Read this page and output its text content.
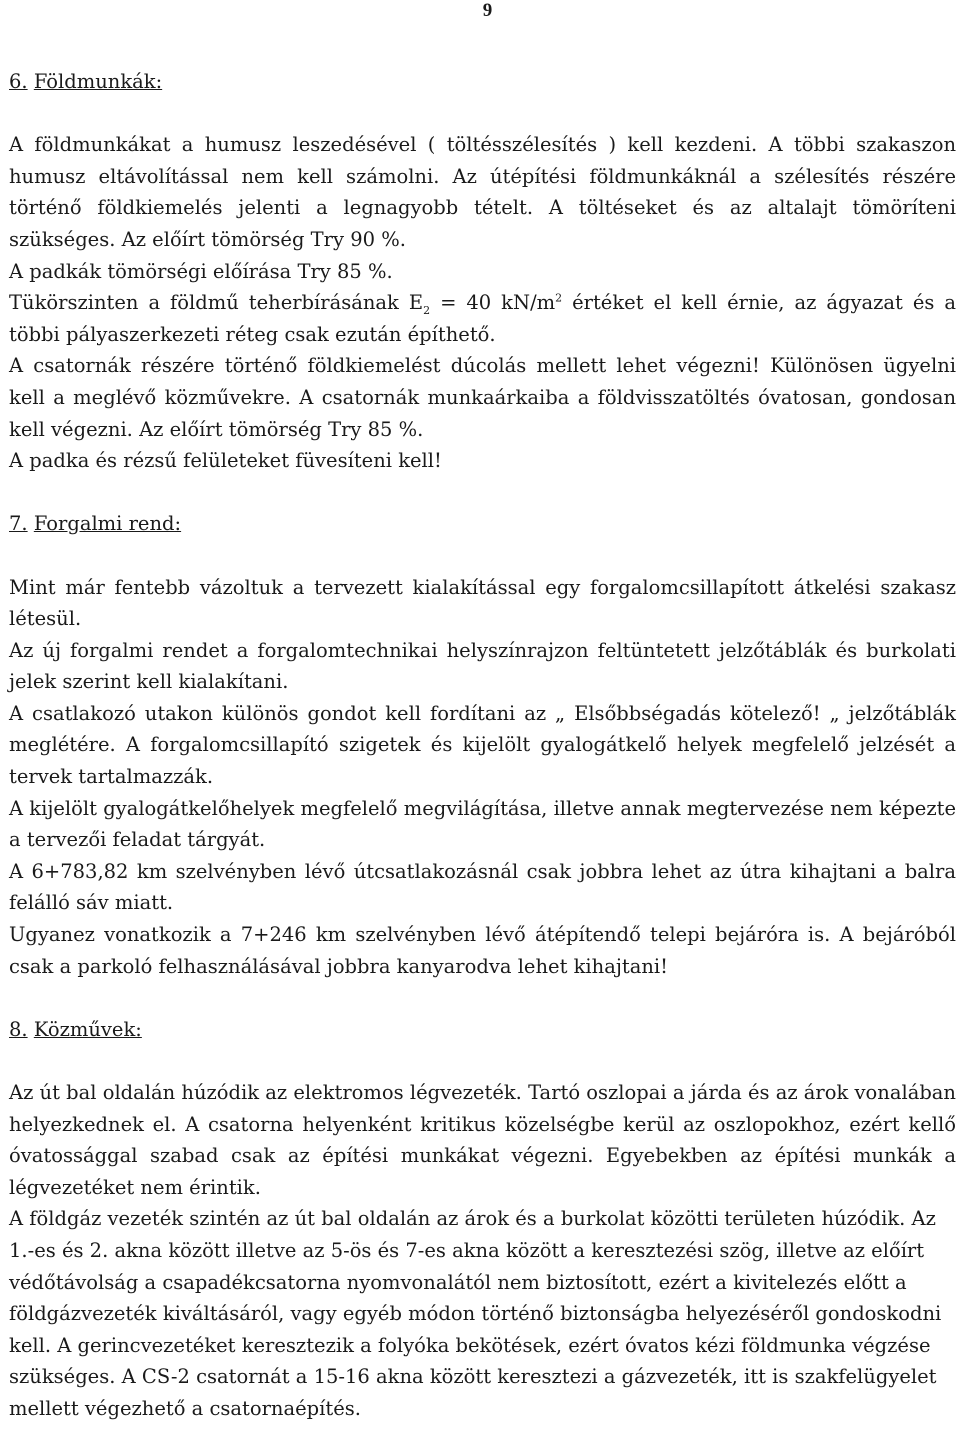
9
6. Földmunkák:

A földmunkákat a humusz leszedésével ( töltésszélesítés ) kell kezdeni. A többi szakaszon humusz eltávolítással nem kell számolni. Az útépítési földmunkáknál a szélesítés részére történő földkiemelés jelenti a legnagyobb tételt. A töltéseket és az altalajt tömöríteni szükséges. Az előírt tömörség Try 90 %.

A padkák tömörségi előírása Try 85 %.

Tükörszinten a földmű teherbírásának $E_2 = 40$ $kN/m^2$ értéket el kell érnie, az ágyazat és a többi pályaszerkezeti réteg csak ezután építhető.

A csatornák részére történő földkiemelést dúcolás mellett lehet végezni! Különösen ügyelni kell a meglévő közművekre. A csatornák munkaárkaiba a földvisszatöltés óvatosan, gondosan kell végezni. Az előírt tömörség Try 85 %.

A padka és rézsű felületeket füvesíteni kell!

7. Forgalmi rend:

Mint már fentebb vázoltuk a tervezett kialakítással egy forgalomcsillapított átkelési szakasz létesül.

Az új forgalmi rendet a forgalomtechnikai helyszínrajzon feltüntetett jelzőtáblák és burkolati jelek szerint kell kialakítani.

A csatlakozó utakon különös gondot kell fordítani az „ Elsőbbségadás kötelező! „ jelzőtáblák meglétére. A forgalomcsillapító szigetek és kijelölt gyalogátkelő helyek megfelelő jelzését a tervek tartalmazzák.

A kijelölt gyalogátkelőhelyek megfelelő megvilágítása, illetve annak megtervezése nem képezte a tervezői feladat tárgyát.

A 6+783,82 km szelvényben lévő útcsatlakozásnál csak jobbra lehet az útra kihajtani a balra felálló sáv miatt.

Ugyanez vonatkozik a 7+246 km szelvényben lévő átépítendő telepi bejáróra is. A bejáróból csak a parkoló felhasználásával jobbra kanyarodva lehet kihajtani!

8. Közművek:

Az út bal oldalán húzódik az elektromos légvezeték. Tartó oszlopai a járda és az árok vonalában helyezkednek el. A csatorna helyenként kritikus közelségbe kerül az oszlopokhoz, ezért kellő óvatossággal szabad csak az építési munkákat végezni. Egyebekben az építési munkák a légvezetéket nem érintik.

A földgáz vezeték szintén az út bal oldalán az árok és a burkolat közötti területen húzódik. Az 1.-es és 2. akna között illetve az 5-ös és 7-es akna között a keresztezési szög, illetve az előírt védőtávolság a csapadékcsatorna nyomvonalától nem biztosított, ezért a kivitelezés előtt a földgázvezeték kiváltásáról, vagy egyéb módon történő biztonságba helyezéséről gondoskodni kell. A gerincvezetéket keresztezik a folyóka bekötések, ezért óvatos kézi földmunka végzése szükséges. A CS-2 csatornát a 15-16 akna között keresztezi a gázvezeték, itt is szakfelügyelet mellett végezhető a csatornaépítés.
